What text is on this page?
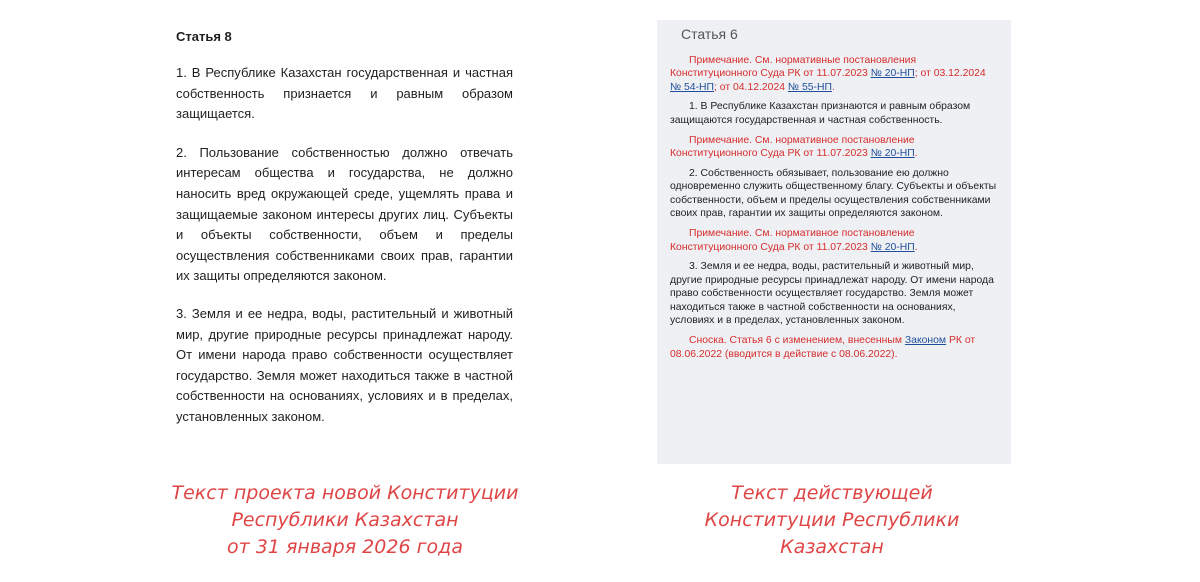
Статья 8

1. В Республике Казахстан государственная и частная собственность признается и равным образом защищается.

2. Пользование собственностью должно отвечать интересам общества и государства, не должно наносить вред окружающей среде, ущемлять права и защищаемые законом интересы других лиц. Субъекты и объекты собственности, объем и пределы осуществления собственниками своих прав, гарантии их защиты определяются законом.

3. Земля и ее недра, воды, растительный и животный мир, другие природные ресурсы принадлежат народу. От имени народа право собственности осуществляет государство. Земля может находиться также в частной собственности на основаниях, условиях и в пределах, установленных законом.

Статья 6

Примечание. См. нормативные постановления Конституционного Суда РК от 11.07.2023 № 20-НП; от 03.12.2024 № 54-НП; от 04.12.2024 № 55-НП.

1. В Республике Казахстан признаются и равным образом защищаются государственная и частная собственность.

Примечание. См. нормативное постановление Конституционного Суда РК от 11.07.2023 № 20-НП.

2. Собственность обязывает, пользование ею должно одновременно служить общественному благу. Субъекты и объекты собственности, объем и пределы осуществления собственниками своих прав, гарантии их защиты определяются законом.

Примечание. См. нормативное постановление Конституционного Суда РК от 11.07.2023 № 20-НП.

3. Земля и ее недра, воды, растительный и животный мир, другие природные ресурсы принадлежат народу. От имени народа право собственности осуществляет государство. Земля может находиться также в частной собственности на основаниях, условиях и в пределах, установленных законом.

Сноска. Статья 6 с изменением, внесенным Законом РК от 08.06.2022 (вводится в действие с 08.06.2022).

Текст проекта новой Конституции
Республики Казахстан
от 31 января 2026 года
Текст действующей
Конституции Республики
Казахстан
